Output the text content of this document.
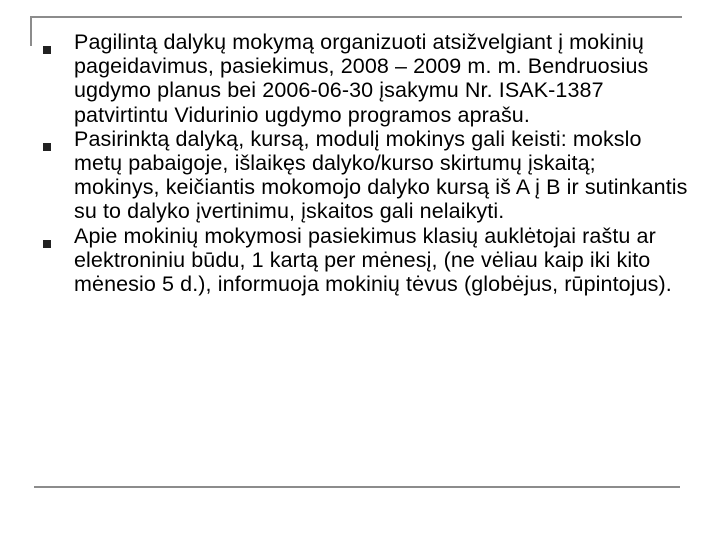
Pagilintą dalykų mokymą organizuoti atsižvelgiant į mokinių pageidavimus, pasiekimus, 2008 – 2009 m. m. Bendruosius ugdymo planus bei 2006-06-30 įsakymu Nr. ISAK-1387 patvirtintu Vidurinio ugdymo programos aprašu.
Pasirinktą dalyką, kursą, modulį mokinys gali keisti: mokslo metų pabaigoje, išlaikęs dalyko/kurso skirtumų įskaitą;
mokinys, keičiantis mokomojo dalyko kursą iš A į B ir sutinkantis su to dalyko įvertinimu, įskaitos gali nelaikyti.
Apie mokinių mokymosi pasiekimus klasių auklėtojai raštu ar elektroniniu būdu, 1 kartą per mėnesį, (ne vėliau kaip iki kito mėnesio 5 d.), informuoja mokinių tėvus (globėjus, rūpintojus).
